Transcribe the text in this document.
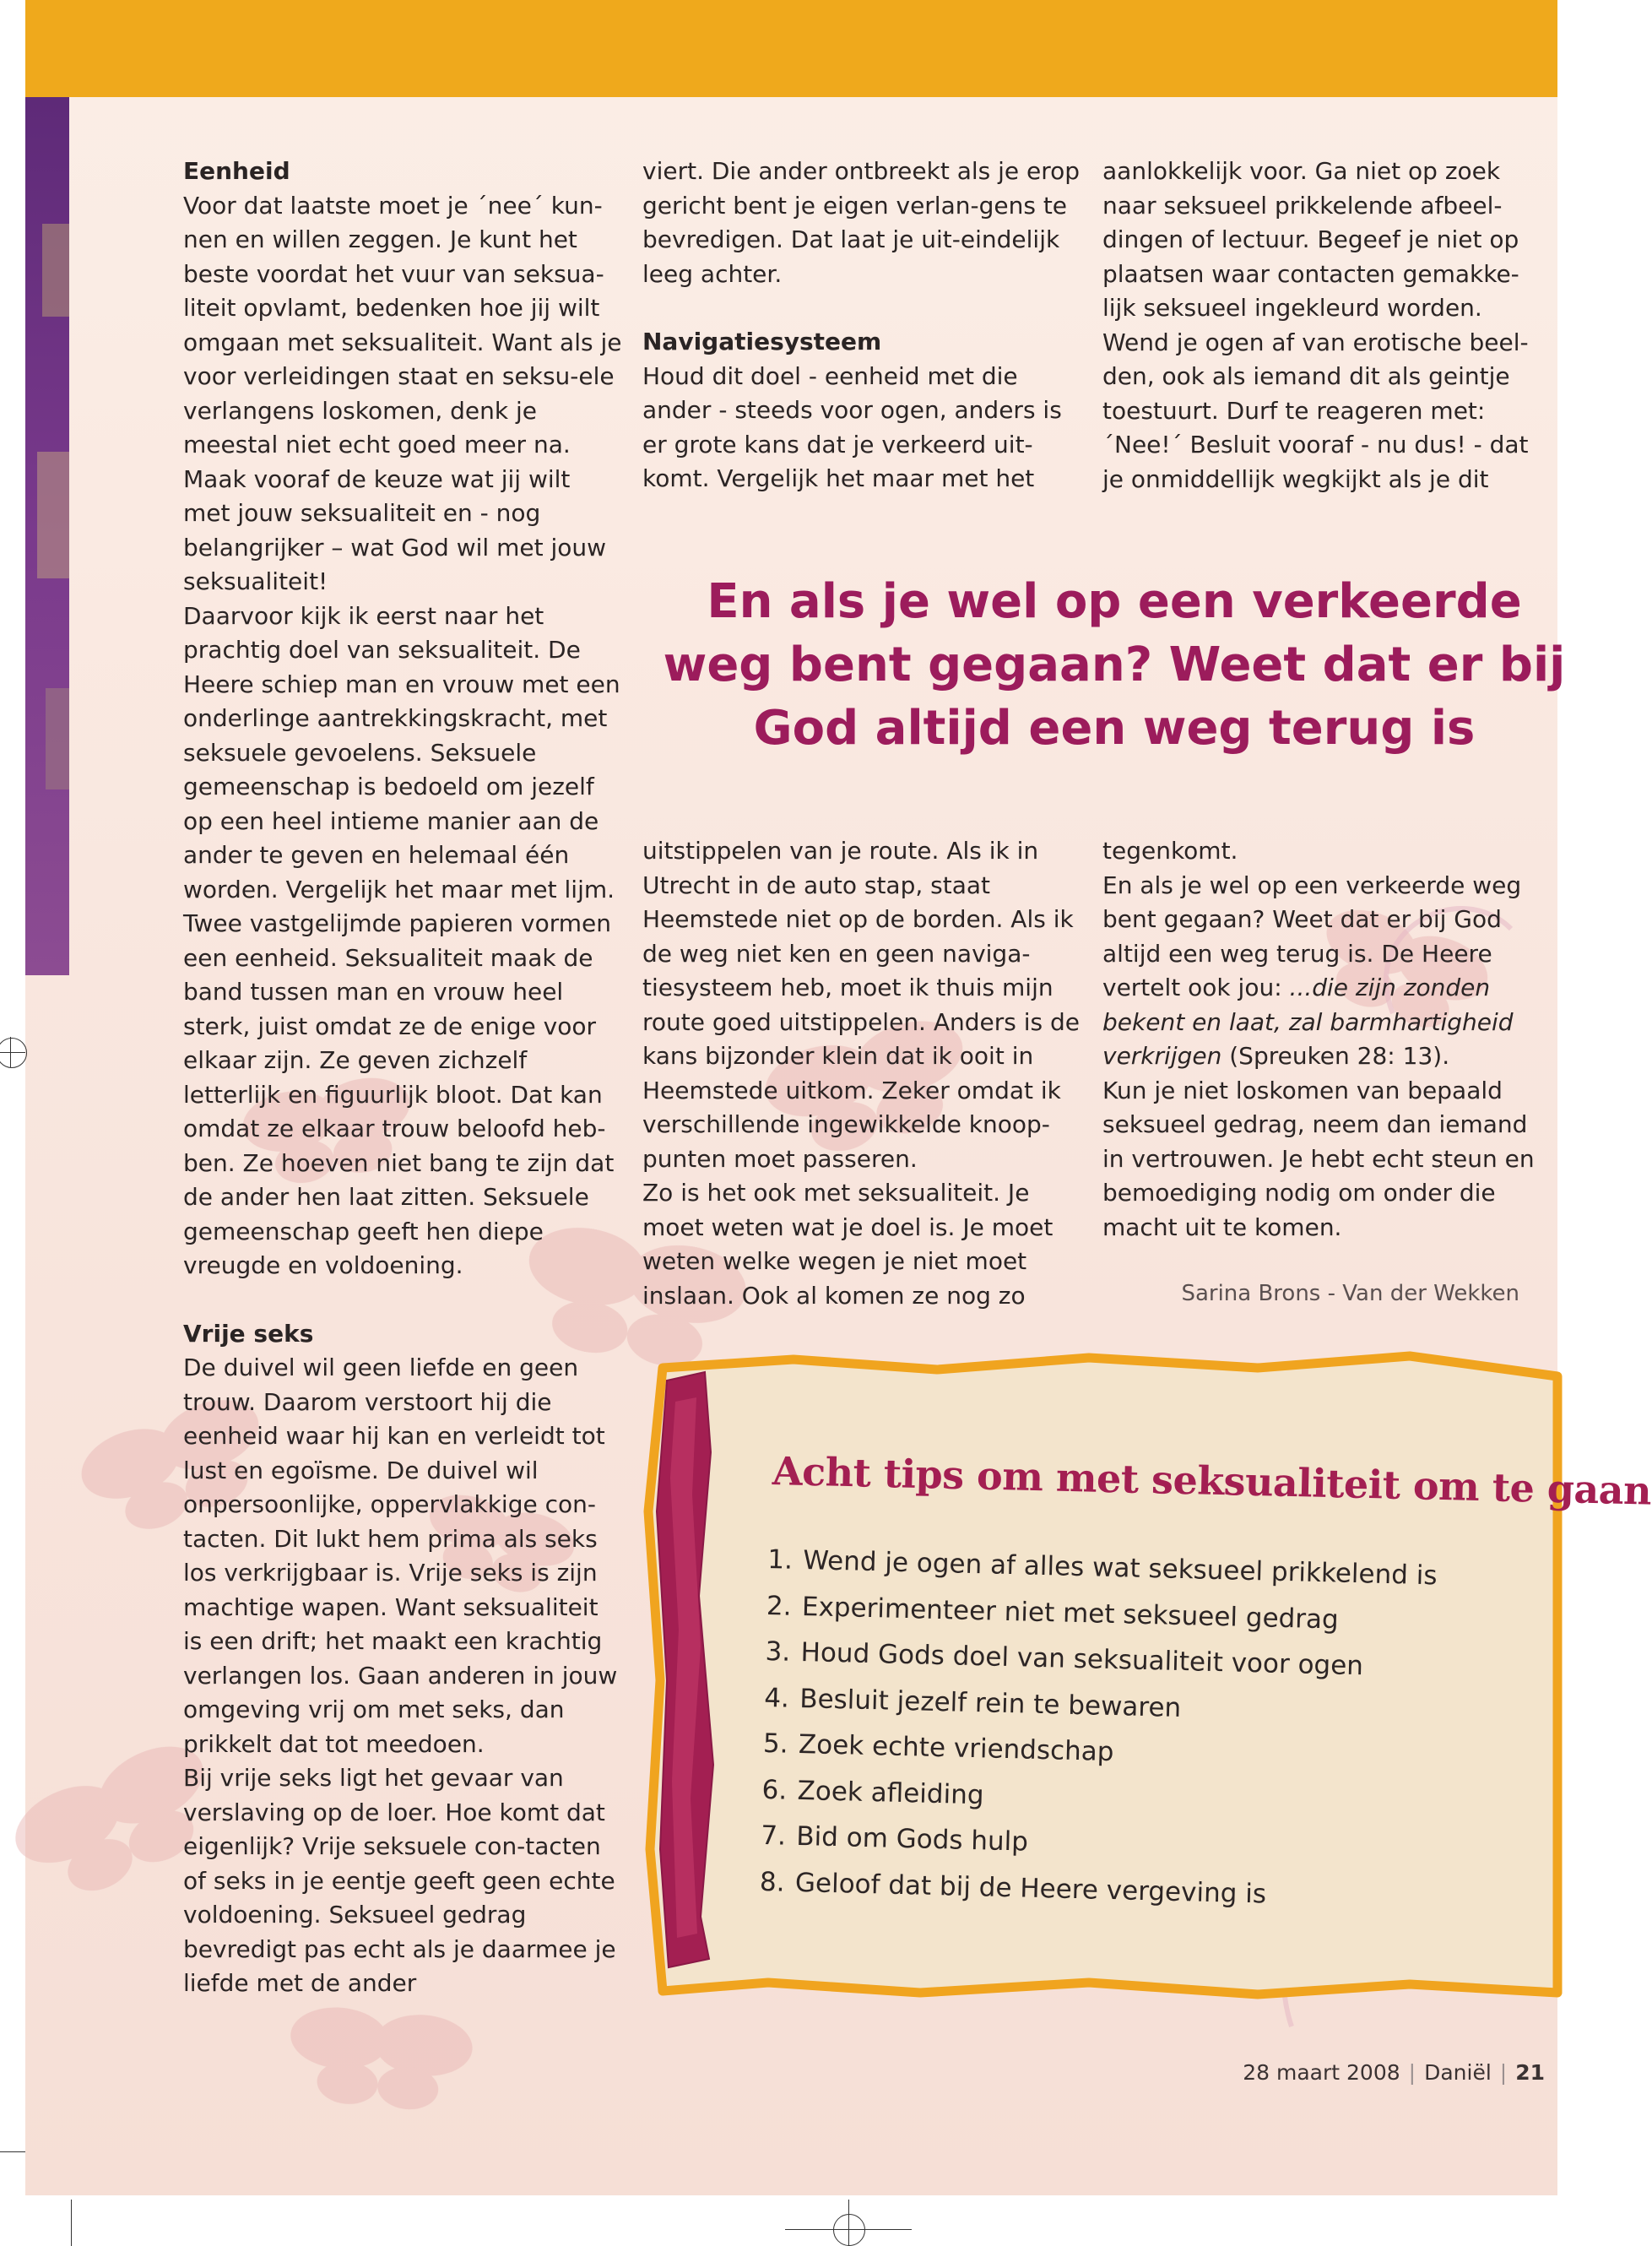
Eenheid

Voor dat laatste moet je ´nee´ kun-nen en willen zeggen. Je kunt het beste voordat het vuur van seksua-liteit opvlamt, bedenken hoe jij wilt omgaan met seksualiteit. Want als je voor verleidingen staat en seksu-ele verlangens loskomen, denk je meestal niet echt goed meer na. Maak vooraf de keuze wat jij wilt met jouw seksualiteit en - nog belangrijker – wat God wil met jouw seksualiteit!

Daarvoor kijk ik eerst naar het prachtig doel van seksualiteit. De Heere schiep man en vrouw met een onderlinge aantrekkingskracht, met seksuele gevoelens. Seksuele gemeenschap is bedoeld om jezelf op een heel intieme manier aan de ander te geven en helemaal één worden. Vergelijk het maar met lijm. Twee vastgelijmde papieren vormen een eenheid. Seksualiteit maak de band tussen man en vrouw heel sterk, juist omdat ze de enige voor elkaar zijn. Ze geven zichzelf letterlijk en figuurlijk bloot. Dat kan omdat ze elkaar trouw beloofd heb-ben. Ze hoeven niet bang te zijn dat de ander hen laat zitten. Seksuele gemeenschap geeft hen diepe vreugde en voldoening.

Vrije seks

De duivel wil geen liefde en geen trouw. Daarom verstoort hij die eenheid waar hij kan en verleidt tot lust en egoïsme. De duivel wil onpersoonlijke, oppervlakkige con-tacten. Dit lukt hem prima als seks los verkrijgbaar is. Vrije seks is zijn machtige wapen. Want seksualiteit is een drift; het maakt een krachtig verlangen los. Gaan anderen in jouw omgeving vrij om met seks, dan prikkelt dat tot meedoen.

Bij vrije seks ligt het gevaar van verslaving op de loer. Hoe komt dat eigenlijk? Vrije seksuele con-tacten of seks in je eentje geeft geen echte voldoening. Seksueel gedrag bevredigt pas echt als je daarmee je liefde met de ander

viert. Die ander ontbreekt als je erop gericht bent je eigen verlan-gens te bevredigen. Dat laat je uit-eindelijk leeg achter.

Navigatiesysteem

Houd dit doel - eenheid met die ander - steeds voor ogen, anders is er grote kans dat je verkeerd uit-komt. Vergelijk het maar met het

aanlokkelijk voor. Ga niet op zoek naar seksueel prikkelende afbeel-dingen of lectuur. Begeef je niet op plaatsen waar contacten gemakke-lijk seksueel ingekleurd worden. Wend je ogen af van erotische beel-den, ook als iemand dit als geintje toestuurt. Durf te reageren met: ´Nee!´ Besluit vooraf - nu dus! - dat je onmiddellijk wegkijkt als je dit

En als je wel op een verkeerde weg bent gegaan? Weet dat er bij God altijd een weg terug is

uitstippelen van je route. Als ik in Utrecht in de auto stap, staat Heemstede niet op de borden. Als ik de weg niet ken en geen naviga-tiesysteem heb, moet ik thuis mijn route goed uitstippelen. Anders is de kans bijzonder klein dat ik ooit in Heemstede uitkom. Zeker omdat ik verschillende ingewikkelde knoop-punten moet passeren.

Zo is het ook met seksualiteit. Je moet weten wat je doel is. Je moet weten welke wegen je niet moet inslaan. Ook al komen ze nog zo

tegenkomt.

En als je wel op een verkeerde weg bent gegaan? Weet dat er bij God altijd een weg terug is. De Heere vertelt ook jou: ...die zijn zonden bekent en laat, zal barmhartigheid verkrijgen (Spreuken 28: 13).

Kun je niet loskomen van bepaald seksueel gedrag, neem dan iemand in vertrouwen. Je hebt echt steun en bemoediging nodig om onder die macht uit te komen.

Sarina Brons - Van der Wekken

Acht tips om met seksualiteit om te gaan

1. Wend je ogen af alles wat seksueel prikkelend is
2. Experimenteer niet met seksueel gedrag
3. Houd Gods doel van seksualiteit voor ogen
4. Besluit jezelf rein te bewaren
5. Zoek echte vriendschap
6. Zoek afleiding
7. Bid om Gods hulp
8. Geloof dat bij de Heere vergeving is
28 maart 2008 | Daniël | 21
